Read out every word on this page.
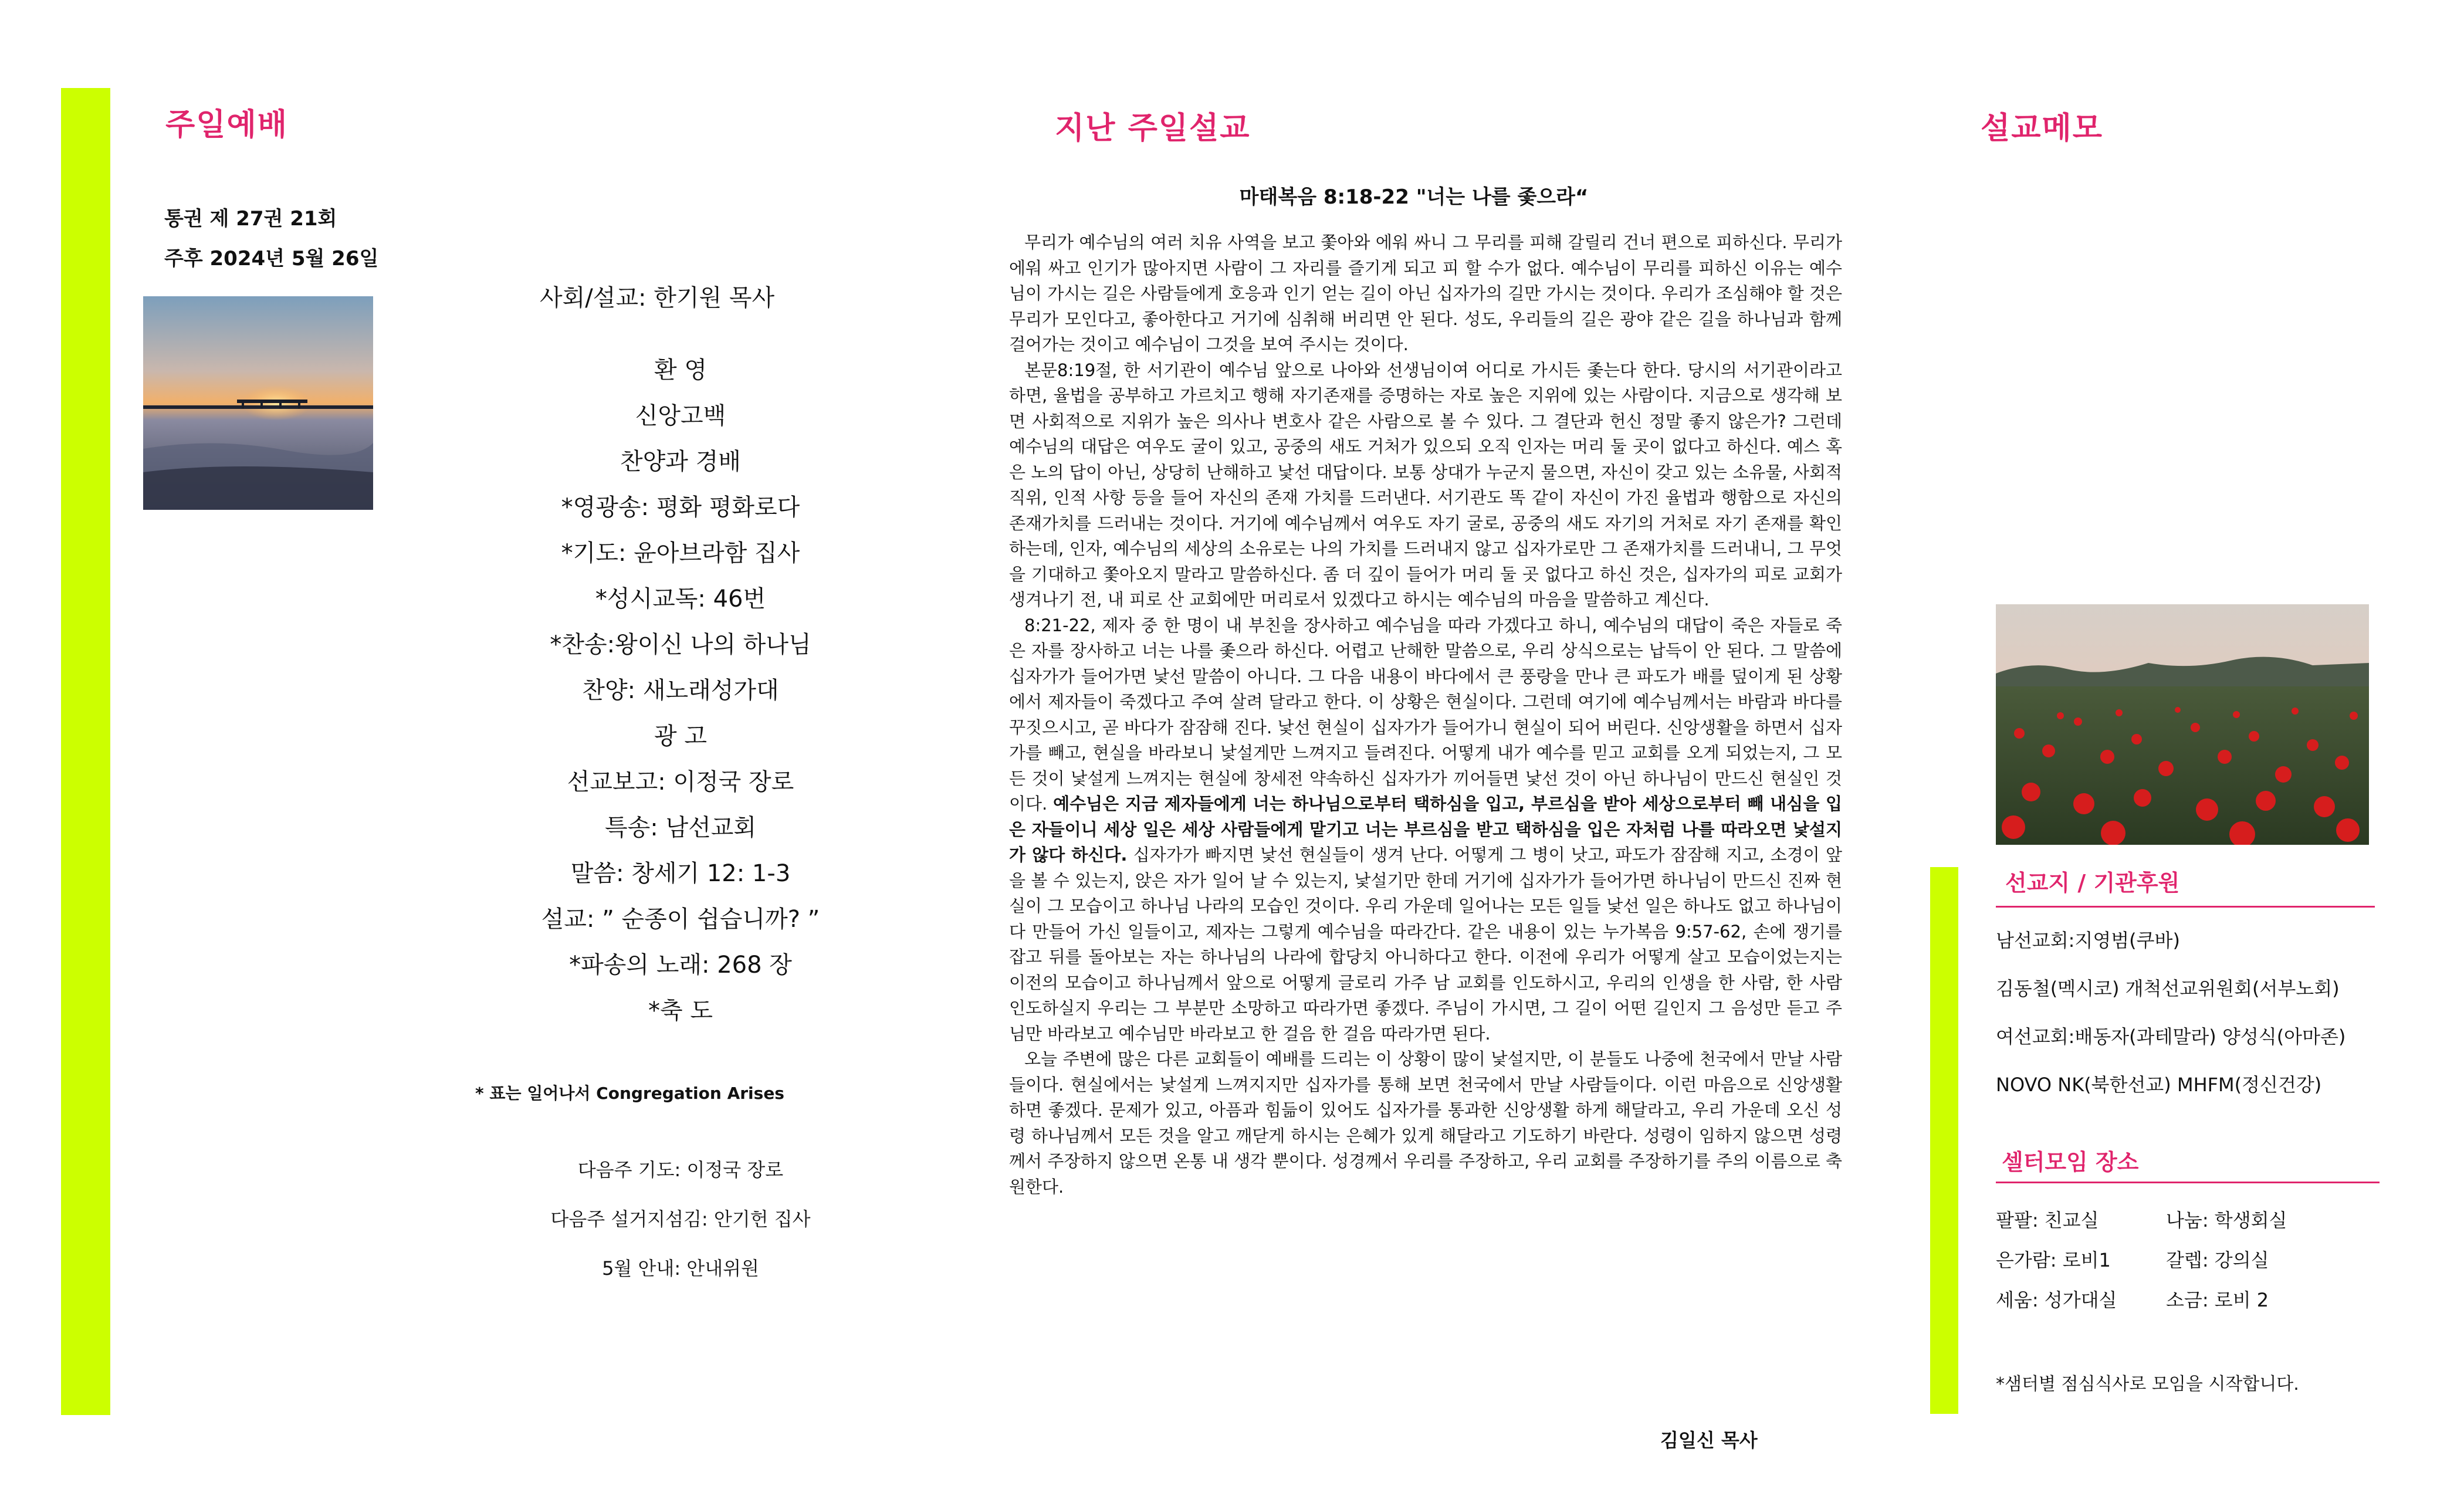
주일예배
통권 제 27권 21회
주후 2024년 5월 26일
사회/설교: 한기원 목사
환 영
신앙고백
찬양과 경배
*영광송: 평화 평화로다
*기도: 윤아브라함 집사
*성시교독: 46번
*찬송:왕이신 나의 하나님
찬양: 새노래성가대
광 고
선교보고: 이정국 장로
특송: 남선교회
말씀: 창세기 12: 1-3
설교: ” 순종이 쉽습니까? ”
*파송의 노래: 268 장
*축 도
* 표는 일어나서 Congregation Arises
다음주 기도: 이정국 장로
다음주 설거지섬김: 안기헌 집사
5월 안내: 안내위원
지난 주일설교
마태복음 8:18-22 "너는 나를 좇으라“

무리가 예수님의 여러 치유 사역을 보고 쫓아와 에워 싸니 그 무리를 피해 갈릴리 건너 편으로 피하신다. 무리가 에워 싸고 인기가 많아지면 사람이 그 자리를 즐기게 되고 피 할 수가 없다. 예수님이 무리를 피하신 이유는 예수님이 가시는 길은 사람들에게 호응과 인기 얻는 길이 아닌 십자가의 길만 가시는 것이다. 우리가 조심해야 할 것은 무리가 모인다고, 좋아한다고 거기에 심취해 버리면 안 된다. 성도, 우리들의 길은 광야 같은 길을 하나님과 함께 걸어가는 것이고 예수님이 그것을 보여 주시는 것이다.

본문8:19절, 한 서기관이 예수님 앞으로 나아와 선생님이여 어디로 가시든 좇는다 한다. 당시의 서기관이라고 하면, 율법을 공부하고 가르치고 행해 자기존재를 증명하는 자로 높은 지위에 있는 사람이다. 지금으로 생각해 보면 사회적으로 지위가 높은 의사나 변호사 같은 사람으로 볼 수 있다. 그 결단과 헌신 정말 좋지 않은가? 그런데 예수님의 대답은 여우도 굴이 있고, 공중의 새도 거처가 있으되 오직 인자는 머리 둘 곳이 없다고 하신다. 예스 혹은 노의 답이 아닌, 상당히 난해하고 낯선 대답이다. 보통 상대가 누군지 물으면, 자신이 갖고 있는 소유물, 사회적 직위, 인적 사항 등을 들어 자신의 존재 가치를 드러낸다. 서기관도 똑 같이 자신이 가진 율법과 행함으로 자신의 존재가치를 드러내는 것이다. 거기에 예수님께서 여우도 자기 굴로, 공중의 새도 자기의 거처로 자기 존재를 확인하는데, 인자, 예수님의 세상의 소유로는 나의 가치를 드러내지 않고 십자가로만 그 존재가치를 드러내니, 그 무엇을 기대하고 쫓아오지 말라고 말씀하신다. 좀 더 깊이 들어가 머리 둘 곳 없다고 하신 것은, 십자가의 피로 교회가 생겨나기 전, 내 피로 산 교회에만 머리로서 있겠다고 하시는 예수님의 마음을 말씀하고 계신다.

8:21-22, 제자 중 한 명이 내 부친을 장사하고 예수님을 따라 가겠다고 하니, 예수님의 대답이 죽은 자들로 죽은 자를 장사하고 너는 나를 좇으라 하신다. 어렵고 난해한 말씀으로, 우리 상식으로는 납득이 안 된다. 그 말씀에 십자가가 들어가면 낯선 말씀이 아니다. 그 다음 내용이 바다에서 큰 풍랑을 만나 큰 파도가 배를 덮이게 된 상황에서 제자들이 죽겠다고 주여 살려 달라고 한다. 이 상황은 현실이다. 그런데 여기에 예수님께서는 바람과 바다를 꾸짓으시고, 곧 바다가 잠잠해 진다. 낯선 현실이 십자가가 들어가니 현실이 되어 버린다. 신앙생활을 하면서 십자가를 빼고, 현실을 바라보니 낯설게만 느껴지고 들려진다. 어떻게 내가 예수를 믿고 교회를 오게 되었는지, 그 모든 것이 낯설게 느껴지는 현실에 창세전 약속하신 십자가가 끼어들면 낯선 것이 아닌 하나님이 만드신 현실인 것이다. 예수님은 지금 제자들에게 너는 하나님으로부터 택하심을 입고, 부르심을 받아 세상으로부터 빼 내심을 입은 자들이니 세상 일은 세상 사람들에게 맡기고 너는 부르심을 받고 택하심을 입은 자처럼 나를 따라오면 낯설지가 않다 하신다. 십자가가 빠지면 낯선 현실들이 생겨 난다. 어떻게 그 병이 낫고, 파도가 잠잠해 지고, 소경이 앞을 볼 수 있는지, 앉은 자가 일어 날 수 있는지, 낯설기만 한데 거기에 십자가가 들어가면 하나님이 만드신 진짜 현실이 그 모습이고 하나님 나라의 모습인 것이다. 우리 가운데 일어나는 모든 일들 낯선 일은 하나도 없고 하나님이 다 만들어 가신 일들이고, 제자는 그렇게 예수님을 따라간다. 같은 내용이 있는 누가복음 9:57-62, 손에 쟁기를 잡고 뒤를 돌아보는 자는 하나님의 나라에 합당치 아니하다고 한다. 이전에 우리가 어떻게 살고 모습이었는지는 이전의 모습이고 하나님께서 앞으로 어떻게 글로리 가주 남 교회를 인도하시고, 우리의 인생을 한 사람, 한 사람 인도하실지 우리는 그 부분만 소망하고 따라가면 좋겠다. 주님이 가시면, 그 길이 어떤 길인지 그 음성만 듣고 주님만 바라보고 예수님만 바라보고 한 걸음 한 걸음 따라가면 된다.

오늘 주변에 많은 다른 교회들이 예배를 드리는 이 상황이 많이 낯설지만, 이 분들도 나중에 천국에서 만날 사람들이다. 현실에서는 낯설게 느껴지지만 십자가를 통해 보면 천국에서 만날 사람들이다. 이런 마음으로 신앙생활 하면 좋겠다. 문제가 있고, 아픔과 힘듦이 있어도 십자가를 통과한 신앙생활 하게 해달라고, 우리 가운데 오신 성령 하나님께서 모든 것을 알고 깨닫게 하시는 은혜가 있게 해달라고 기도하기 바란다. 성령이 임하지 않으면 성령께서 주장하지 않으면 온통 내 생각 뿐이다. 성경께서 우리를 주장하고, 우리 교회를 주장하기를 주의 이름으로 축원한다.

김일신 목사
설교메모
선교지 / 기관후원
남선교회:지영범(쿠바)
김동철(멕시코) 개척선교위원회(서부노회)
여선교회:배동자(과테말라) 양성식(아마존)
NOVO NK(북한선교) MHFM(정신건강)
셀터모임 장소
팔팔: 친교실	나눔: 학생회실
은가람: 로비1	갈렙: 강의실
세움: 성가대실	소금: 로비 2
*샘터별 점심식사로 모임을 시작합니다.
